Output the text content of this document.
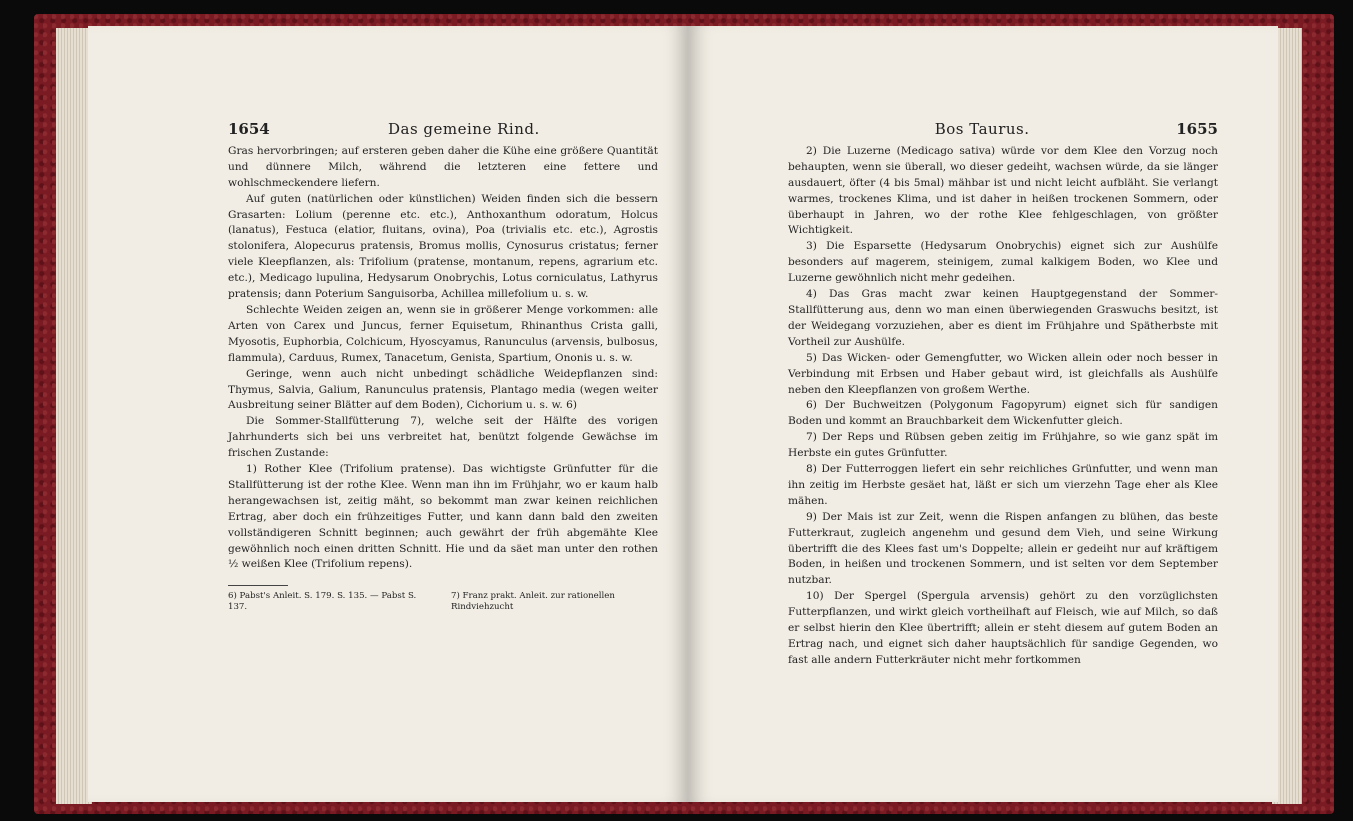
1654	Das gemeine Rind.

Gras hervorbringen; auf ersteren geben daher die Kühe eine größere Quantität und dünnere Milch, während die letzteren eine fettere und wohlschmeckendere liefern.

Auf guten (natürlichen oder künstlichen) Weiden finden sich die bessern Grasarten: Lolium (perenne etc. etc.), Anthoxanthum odoratum, Holcus (lanatus), Festuca (elatior, fluitans, ovina), Poa (trivialis etc. etc.), Agrostis stolonifera, Alopecurus pratensis, Bromus mollis, Cynosurus cristatus; ferner viele Kleepflanzen, als: Trifolium (pratense, montanum, repens, agrarium etc. etc.), Medicago lupulina, Hedysarum Onobrychis, Lotus corniculatus, Lathyrus pratensis; dann Poterium Sanguisorba, Achillea millefolium u. s. w.

Schlechte Weiden zeigen an, wenn sie in größerer Menge vorkommen: alle Arten von Carex und Juncus, ferner Equisetum, Rhinanthus Crista galli, Myosotis, Euphorbia, Colchicum, Hyoscyamus, Ranunculus (arvensis, bulbosus, flammula), Carduus, Rumex, Tanacetum, Genista, Spartium, Ononis u. s. w.

Geringe, wenn auch nicht unbedingt schädliche Weidepflanzen sind: Thymus, Salvia, Galium, Ranunculus pratensis, Plantago media (wegen weiter Ausbreitung seiner Blätter auf dem Boden), Cichorium u. s. w. 6)

Die Sommer-Stallfütterung 7), welche seit der Hälfte des vorigen Jahrhunderts sich bei uns verbreitet hat, benützt folgende Gewächse im frischen Zustande:

1) Rother Klee (Trifolium pratense). Das wichtigste Grünfutter für die Stallfütterung ist der rothe Klee. Wenn man ihn im Frühjahr, wo er kaum halb herangewachsen ist, zeitig mäht, so bekommt man zwar keinen reichlichen Ertrag, aber doch ein frühzeitiges Futter, und kann dann bald den zweiten vollständigeren Schnitt beginnen; auch gewährt der früh abgemähte Klee gewöhnlich noch einen dritten Schnitt. Hie und da säet man unter den rothen ½ weißen Klee (Trifolium repens).

6) Pabst's Anleit. S. 179. S. 135. — Pabst S. 137.
7) Franz prakt. Anleit. zur rationellen Rindviehzucht
Bos Taurus.	1655

2) Die Luzerne (Medicago sativa) würde vor dem Klee den Vorzug noch behaupten, wenn sie überall, wo dieser gedeiht, wachsen würde, da sie länger ausdauert, öfter (4 bis 5mal) mähbar ist und nicht leicht aufbläht. Sie verlangt warmes, trockenes Klima, und ist daher in heißen trockenen Sommern, oder überhaupt in Jahren, wo der rothe Klee fehlgeschlagen, von größter Wichtigkeit.

3) Die Esparsette (Hedysarum Onobrychis) eignet sich zur Aushülfe besonders auf magerem, steinigem, zumal kalkigem Boden, wo Klee und Luzerne gewöhnlich nicht mehr gedeihen.

4) Das Gras macht zwar keinen Hauptgegenstand der Sommer-Stallfütterung aus, denn wo man einen überwiegenden Graswuchs besitzt, ist der Weidegang vorzuziehen, aber es dient im Frühjahre und Spätherbste mit Vortheil zur Aushülfe.

5) Das Wicken- oder Gemengfutter, wo Wicken allein oder noch besser in Verbindung mit Erbsen und Haber gebaut wird, ist gleichfalls als Aushülfe neben den Kleepflanzen von großem Werthe.

6) Der Buchweitzen (Polygonum Fagopyrum) eignet sich für sandigen Boden und kommt an Brauchbarkeit dem Wickenfutter gleich.

7) Der Reps und Rübsen geben zeitig im Frühjahre, so wie ganz spät im Herbste ein gutes Grünfutter.

8) Der Futterroggen liefert ein sehr reichliches Grünfutter, und wenn man ihn zeitig im Herbste gesäet hat, läßt er sich um vierzehn Tage eher als Klee mähen.

9) Der Mais ist zur Zeit, wenn die Rispen anfangen zu blühen, das beste Futterkraut, zugleich angenehm und gesund dem Vieh, und seine Wirkung übertrifft die des Klees fast um's Doppelte; allein er gedeiht nur auf kräftigem Boden, in heißen und trockenen Sommern, und ist selten vor dem September nutzbar.

10) Der Spergel (Spergula arvensis) gehört zu den vorzüglichsten Futterpflanzen, und wirkt gleich vortheilhaft auf Fleisch, wie auf Milch, so daß er selbst hierin den Klee übertrifft; allein er steht diesem auf gutem Boden an Ertrag nach, und eignet sich daher hauptsächlich für sandige Gegenden, wo fast alle andern Futterkräuter nicht mehr fortkommen
